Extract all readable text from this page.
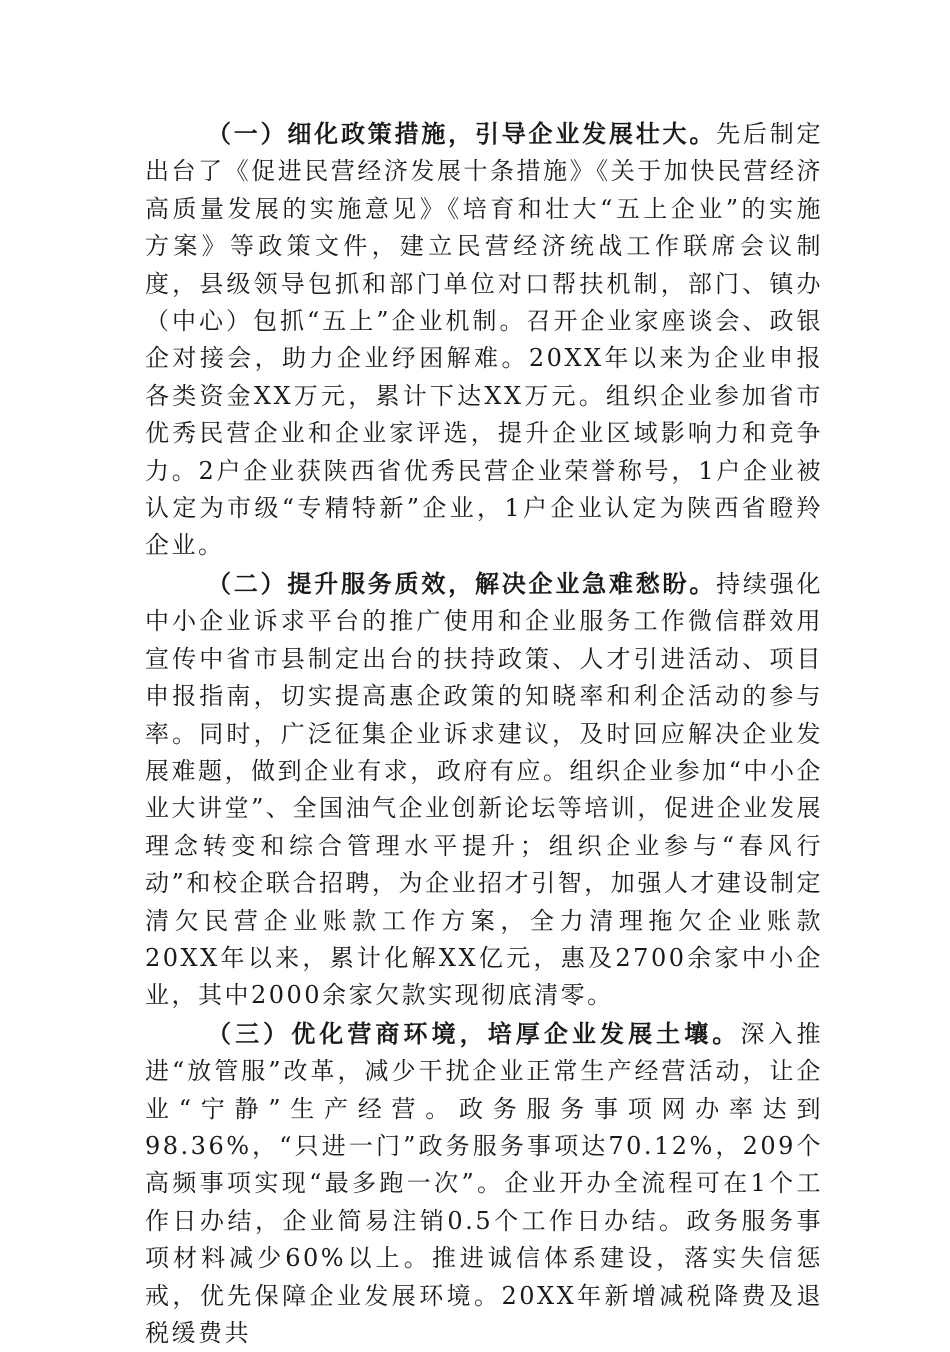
（一）细化政策措施，引导企业发展壮大。先后制定出台了《促进民营经济发展十条措施》《关于加快民营经济高质量发展的实施意见》《培育和壮大“五上企业”的实施方案》等政策文件，建立民营经济统战工作联席会议制度，县级领导包抓和部门单位对口帮扶机制，部门、镇办（中心）包抓“五上”企业机制。召开企业家座谈会、政银企对接会，助力企业纾困解难。20XX年以来为企业申报各类资金XX万元，累计下达XX万元。组织企业参加省市优秀民营企业和企业家评选，提升企业区域影响力和竞争力。2户企业获陕西省优秀民营企业荣誉称号，1户企业被认定为市级“专精特新”企业，1户企业认定为陕西省瞪羚企业。

（二）提升服务质效，解决企业急难愁盼。持续强化中小企业诉求平台的推广使用和企业服务工作微信群效用宣传中省市县制定出台的扶持政策、人才引进活动、项目申报指南，切实提高惠企政策的知晓率和利企活动的参与率。同时，广泛征集企业诉求建议，及时回应解决企业发展难题，做到企业有求，政府有应。组织企业参加“中小企业大讲堂”、全国油气企业创新论坛等培训，促进企业发展理念转变和综合管理水平提升；组织企业参与“春风行动”和校企联合招聘，为企业招才引智，加强人才建设制定清欠民营企业账款工作方案，全力清理拖欠企业账款20XX年以来，累计化解XX亿元，惠及2700余家中小企业，其中2000余家欠款实现彻底清零。

（三）优化营商环境，培厚企业发展土壤。深入推进“放管服”改革，减少干扰企业正常生产经营活动，让企业“宁静”生产经营。政务服务事项网办率达到98.36%，“只进一门”政务服务事项达70.12%，209个高频事项实现“最多跑一次”。企业开办全流程可在1个工作日办结，企业简易注销0.5个工作日办结。政务服务事项材料减少60%以上。推进诚信体系建设，落实失信惩戒，优先保障企业发展环境。20XX年新增减税降费及退税缓费共
